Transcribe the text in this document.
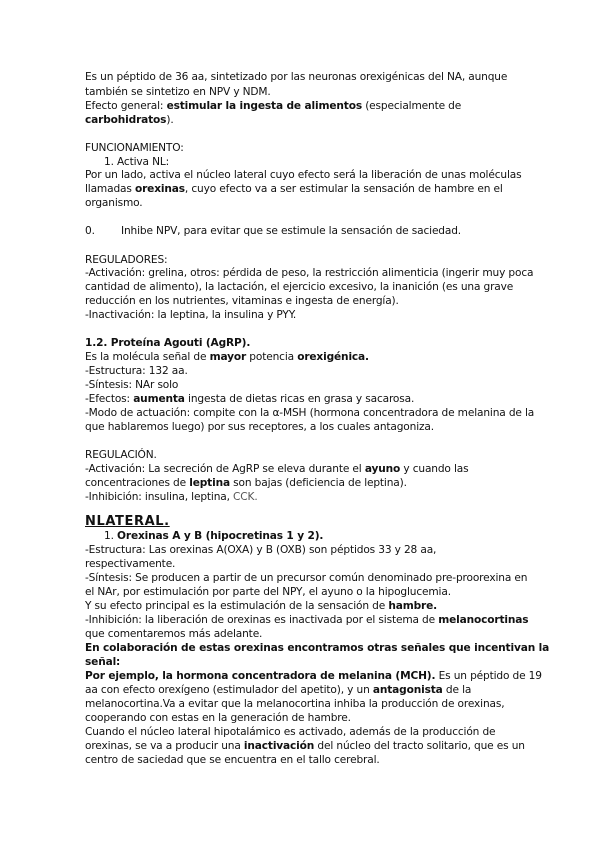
Es un péptido de 36 aa, sintetizado por las neuronas orexigénicas del NA, aunque
también se sintetizo en NPV y NDM.
Efecto general: estimular la ingesta de alimentos (especialmente de
carbohidratos).
FUNCIONAMIENTO:
1. Activa NL:
Por un lado, activa el núcleo lateral cuyo efecto será la liberación de unas moléculas
llamadas orexinas, cuyo efecto va a ser estimular la sensación de hambre en el
organismo.
0. Inhibe NPV, para evitar que se estimule la sensación de saciedad.
REGULADORES:
-Activación: grelina, otros: pérdida de peso, la restricción alimenticia (ingerir muy poca
cantidad de alimento), la lactación, el ejercicio excesivo, la inanición (es una grave
reducción en los nutrientes, vitaminas e ingesta de energía).
-Inactivación: la leptina, la insulina y PYY.
1.2. Proteína Agouti (AgRP).
Es la molécula señal de mayor potencia orexigénica.
-Estructura: 132 aa.
-Síntesis: NAr solo
-Efectos: aumenta ingesta de dietas ricas en grasa y sacarosa.
-Modo de actuación: compite con la α-MSH (hormona concentradora de melanina de la
que hablaremos luego) por sus receptores, a los cuales antagoniza.
REGULACIÓN.
-Activación: La secreción de AgRP se eleva durante el ayuno y cuando las
concentraciones de leptina son bajas (deficiencia de leptina).
-Inhibición: insulina, leptina, CCK.
NLATERAL.
1. Orexinas A y B (hipocretinas 1 y 2).
-Estructura: Las orexinas A(OXA) y B (OXB) son péptidos 33 y 28 aa,
respectivamente.
-Síntesis: Se producen a partir de un precursor común denominado pre-proorexina en
el NAr, por estimulación por parte del NPY, el ayuno o la hipoglucemia.
Y su efecto principal es la estimulación de la sensación de hambre.
-Inhibición: la liberación de orexinas es inactivada por el sistema de melanocortinas
que comentaremos más adelante.
En colaboración de estas orexinas encontramos otras señales que incentivan la
señal:
Por ejemplo, la hormona concentradora de melanina (MCH). Es un péptido de 19
aa con efecto orexígeno (estimulador del apetito), y un antagonista de la
melanocortina.Va a evitar que la melanocortina inhiba la producción de orexinas,
cooperando con estas en la generación de hambre.
Cuando el núcleo lateral hipotalámico es activado, además de la producción de
orexinas, se va a producir una inactivación del núcleo del tracto solitario, que es un
centro de saciedad que se encuentra en el tallo cerebral.
